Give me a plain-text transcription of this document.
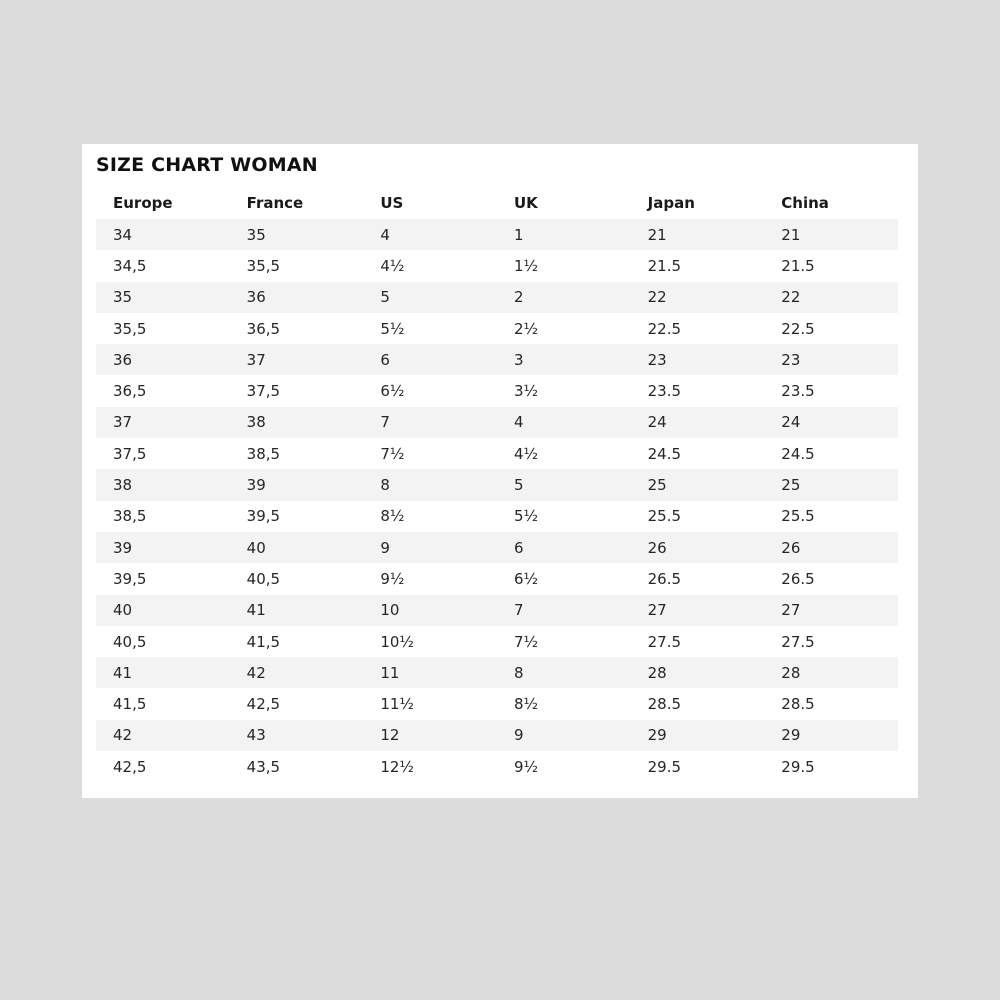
SIZE CHART WOMAN
Europe	France	US	UK	Japan	China
34	35	4	1	21	21
34,5	35,5	4½	1½	21.5	21.5
35	36	5	2	22	22
35,5	36,5	5½	2½	22.5	22.5
36	37	6	3	23	23
36,5	37,5	6½	3½	23.5	23.5
37	38	7	4	24	24
37,5	38,5	7½	4½	24.5	24.5
38	39	8	5	25	25
38,5	39,5	8½	5½	25.5	25.5
39	40	9	6	26	26
39,5	40,5	9½	6½	26.5	26.5
40	41	10	7	27	27
40,5	41,5	10½	7½	27.5	27.5
41	42	11	8	28	28
41,5	42,5	11½	8½	28.5	28.5
42	43	12	9	29	29
42,5	43,5	12½	9½	29.5	29.5
